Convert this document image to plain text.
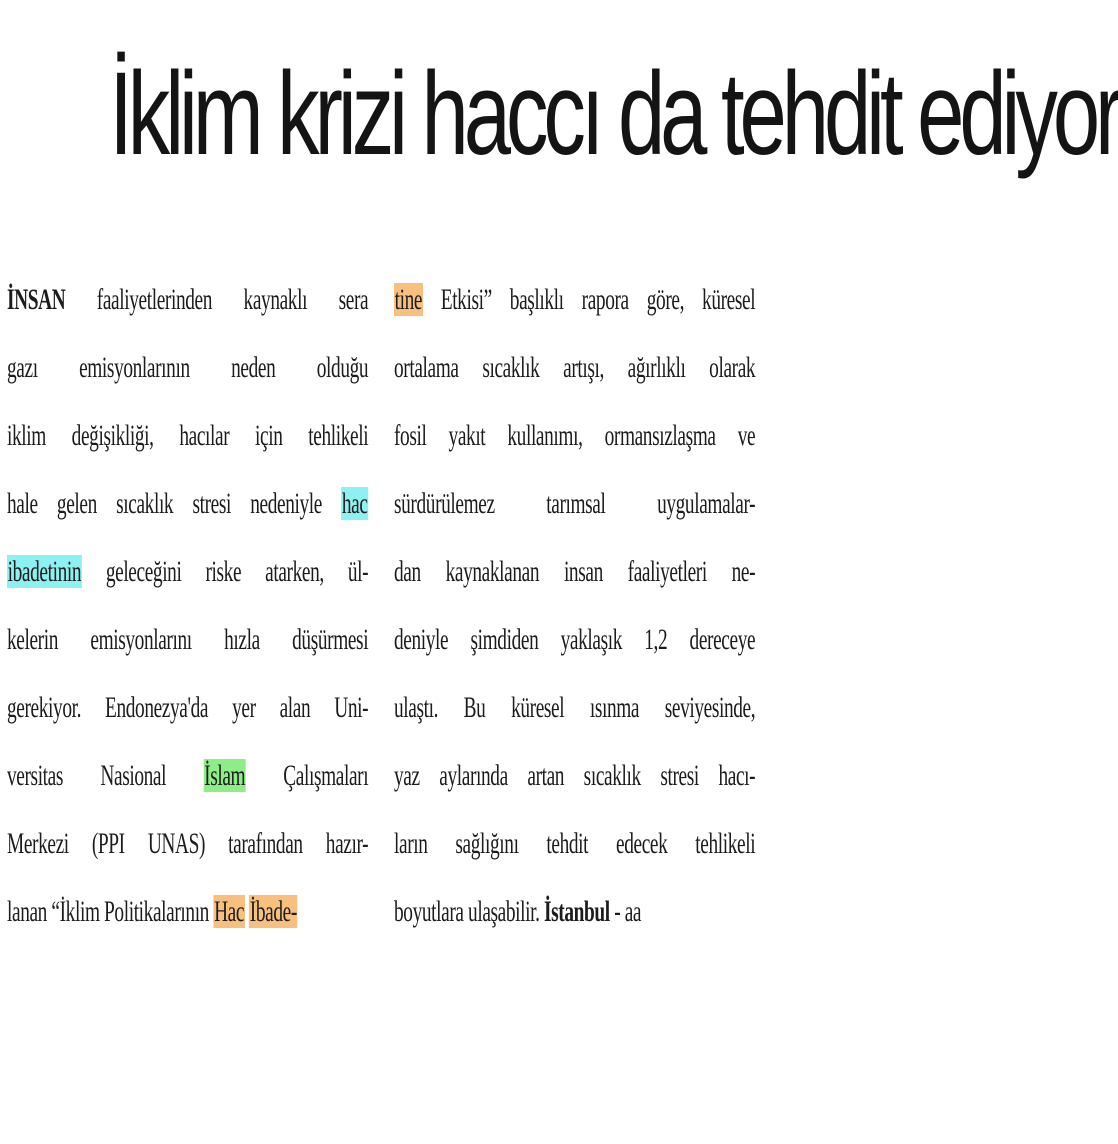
İklim krizi haccı da tehdit ediyor
İNSAN faaliyetlerinden kaynaklı sera
gazı emisyonlarının neden olduğu
iklim değişikliği, hacılar için tehlikeli
hale gelen sıcaklık stresi nedeniyle hac
ibadetinin geleceğini riske atarken, ül-
kelerin emisyonlarını hızla düşürmesi
gerekiyor. Endonezya'da yer alan Uni-
versitas Nasional İslam Çalışmaları
Merkezi (PPI UNAS) tarafından hazır-
lanan “İklim Politikalarının Hac İbade-
tine Etkisi” başlıklı rapora göre, küresel
ortalama sıcaklık artışı, ağırlıklı olarak
fosil yakıt kullanımı, ormansızlaşma ve
sürdürülemez tarımsal uygulamalar-
dan kaynaklanan insan faaliyetleri ne-
deniyle şimdiden yaklaşık 1,2 dereceye
ulaştı. Bu küresel ısınma seviyesinde,
yaz aylarında artan sıcaklık stresi hacı-
ların sağlığını tehdit edecek tehlikeli
boyutlara ulaşabilir. İstanbul - aa
